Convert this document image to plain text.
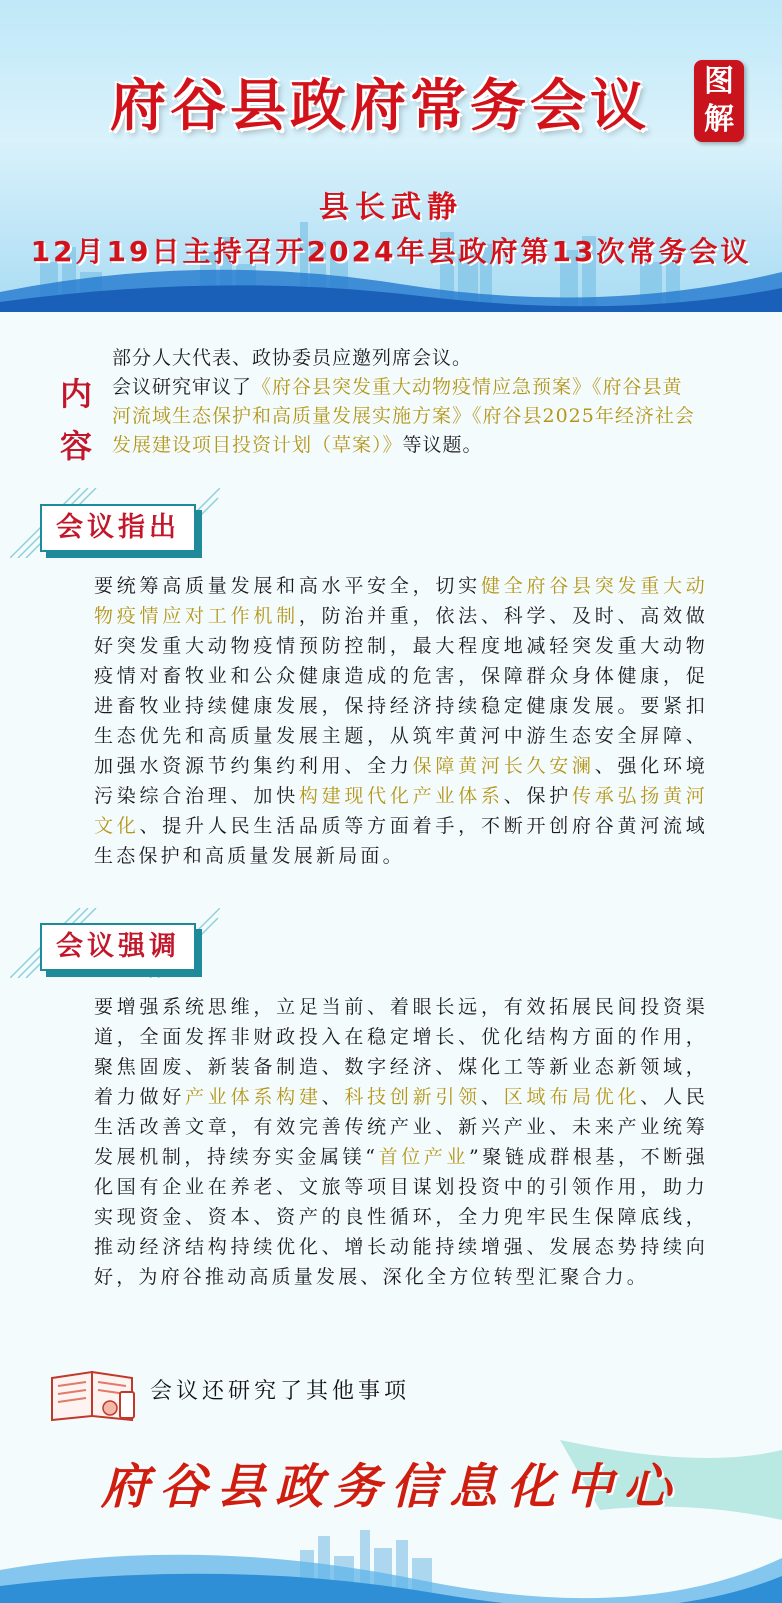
府谷县政府常务会议	图解
县长武静
12月19日主持召开2024年县政府第13次常务会议
内容
部分人大代表、政协委员应邀列席会议。
会议研究审议了《府谷县突发重大动物疫情应急预案》《府谷县黄河流域生态保护和高质量发展实施方案》《府谷县2025年经济社会发展建设项目投资计划（草案）》等议题。
会议指出
要统筹高质量发展和高水平安全，切实健全府谷县突发重大动物疫情应对工作机制，防治并重，依法、科学、及时、高效做好突发重大动物疫情预防控制，最大程度地减轻突发重大动物疫情对畜牧业和公众健康造成的危害，保障群众身体健康，促进畜牧业持续健康发展，保持经济持续稳定健康发展。要紧扣生态优先和高质量发展主题，从筑牢黄河中游生态安全屏障、加强水资源节约集约利用、全力保障黄河长久安澜、强化环境污染综合治理、加快构建现代化产业体系、保护传承弘扬黄河文化、提升人民生活品质等方面着手，不断开创府谷黄河流域生态保护和高质量发展新局面。
会议强调
要增强系统思维，立足当前、着眼长远，有效拓展民间投资渠道，全面发挥非财政投入在稳定增长、优化结构方面的作用，聚焦固废、新装备制造、数字经济、煤化工等新业态新领域，着力做好产业体系构建、科技创新引领、区域布局优化、人民生活改善文章，有效完善传统产业、新兴产业、未来产业统筹发展机制，持续夯实金属镁“首位产业”聚链成群根基，不断强化国有企业在养老、文旅等项目谋划投资中的引领作用，助力实现资金、资本、资产的良性循环，全力兜牢民生保障底线，推动经济结构持续优化、增长动能持续增强、发展态势持续向好，为府谷推动高质量发展、深化全方位转型汇聚合力。
会议还研究了其他事项
府谷县政务信息化中心
